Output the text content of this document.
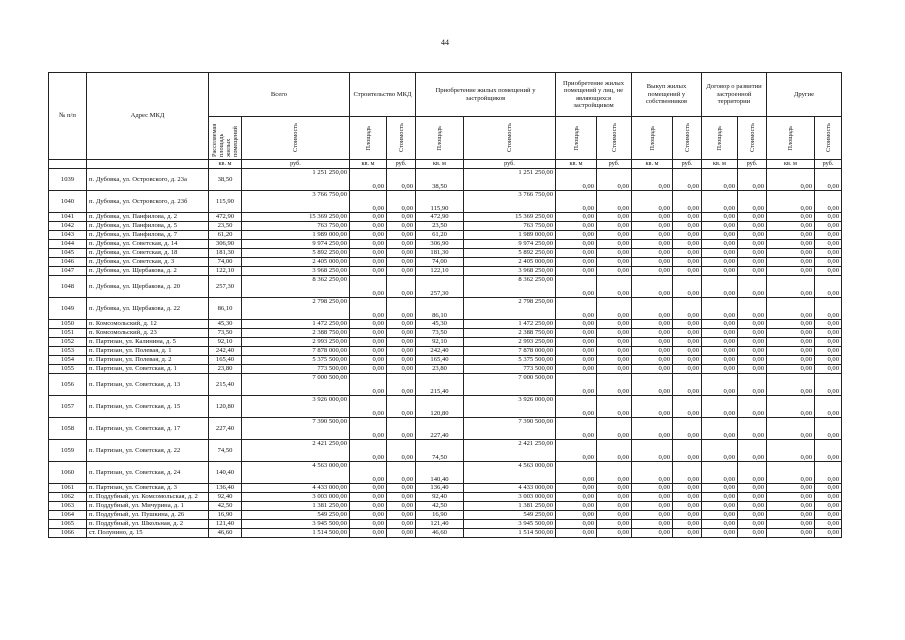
44
№ п/п	Адрес МКД	Всего		Строительство МКД		Приобретение жилых помещений у застройщиков		Приобретение жилых помещений у лиц, не являющихся застройщиком		Выкуп жилых помещений у собственников		Договор о развитии застроенной территории		Другие	

		Расселяемая площадь жилых помещений	Стоимость	Площадь	Стоимость	Площадь	Стоимость	Площадь	Стоимость	Площадь	Стоимость	Площадь	Стоимость	Площадь	Стоимость

		кв. м	руб.	кв. м	руб.	кв. м	руб.	кв. м	руб.	кв. м	руб.	кв. м	руб.	кв. м	руб.
1039	п. Дубовка, ул. Островского, д. 23а	38,50	1 251 250,00	0,00	0,00	38,50	1 251 250,00	0,00	0,00	0,00	0,00	0,00	0,00	0,00	0,00
1040	п. Дубовка, ул. Островского, д. 23б	115,90	3 766 750,00	0,00	0,00	115,90	3 766 750,00	0,00	0,00	0,00	0,00	0,00	0,00	0,00	0,00
1041	п. Дубовка, ул. Панфилова, д. 2	472,90	15 369 250,00	0,00	0,00	472,90	15 369 250,00	0,00	0,00	0,00	0,00	0,00	0,00	0,00	0,00
1042	п. Дубовка, ул. Панфилова, д. 5	23,50	763 750,00	0,00	0,00	23,50	763 750,00	0,00	0,00	0,00	0,00	0,00	0,00	0,00	0,00
1043	п. Дубовка, ул. Панфилова, д. 7	61,20	1 989 000,00	0,00	0,00	61,20	1 989 000,00	0,00	0,00	0,00	0,00	0,00	0,00	0,00	0,00
1044	п. Дубовка, ул. Советская, д. 14	306,90	9 974 250,00	0,00	0,00	306,90	9 974 250,00	0,00	0,00	0,00	0,00	0,00	0,00	0,00	0,00
1045	п. Дубовка, ул. Советская, д. 18	181,30	5 892 250,00	0,00	0,00	181,30	5 892 250,00	0,00	0,00	0,00	0,00	0,00	0,00	0,00	0,00
1046	п. Дубовка, ул. Советская, д. 3	74,00	2 405 000,00	0,00	0,00	74,00	2 405 000,00	0,00	0,00	0,00	0,00	0,00	0,00	0,00	0,00
1047	п. Дубовка, ул. Щербакова, д. 2	122,10	3 968 250,00	0,00	0,00	122,10	3 968 250,00	0,00	0,00	0,00	0,00	0,00	0,00	0,00	0,00
1048	п. Дубовка, ул. Щербакова, д. 20	257,30	8 362 250,00	0,00	0,00	257,30	8 362 250,00	0,00	0,00	0,00	0,00	0,00	0,00	0,00	0,00
1049	п. Дубовка, ул. Щербакова, д. 22	86,10	2 798 250,00	0,00	0,00	86,10	2 798 250,00	0,00	0,00	0,00	0,00	0,00	0,00	0,00	0,00
1050	п. Комсомольский, д. 12	45,30	1 472 250,00	0,00	0,00	45,30	1 472 250,00	0,00	0,00	0,00	0,00	0,00	0,00	0,00	0,00
1051	п. Комсомольский, д. 23	73,50	2 388 750,00	0,00	0,00	73,50	2 388 750,00	0,00	0,00	0,00	0,00	0,00	0,00	0,00	0,00
1052	п. Партизан, ул. Калинина, д. 5	92,10	2 993 250,00	0,00	0,00	92,10	2 993 250,00	0,00	0,00	0,00	0,00	0,00	0,00	0,00	0,00
1053	п. Партизан, ул. Полевая, д. 1	242,40	7 878 000,00	0,00	0,00	242,40	7 878 000,00	0,00	0,00	0,00	0,00	0,00	0,00	0,00	0,00
1054	п. Партизан, ул. Полевая, д. 2	165,40	5 375 500,00	0,00	0,00	165,40	5 375 500,00	0,00	0,00	0,00	0,00	0,00	0,00	0,00	0,00
1055	п. Партизан, ул. Советская, д. 1	23,80	773 500,00	0,00	0,00	23,80	773 500,00	0,00	0,00	0,00	0,00	0,00	0,00	0,00	0,00
1056	п. Партизан, ул. Советская, д. 13	215,40	7 000 500,00	0,00	0,00	215,40	7 000 500,00	0,00	0,00	0,00	0,00	0,00	0,00	0,00	0,00
1057	п. Партизан, ул. Советская, д. 15	120,80	3 926 000,00	0,00	0,00	120,80	3 926 000,00	0,00	0,00	0,00	0,00	0,00	0,00	0,00	0,00
1058	п. Партизан, ул. Советская, д. 17	227,40	7 390 500,00	0,00	0,00	227,40	7 390 500,00	0,00	0,00	0,00	0,00	0,00	0,00	0,00	0,00
1059	п. Партизан, ул. Советская, д. 22	74,50	2 421 250,00	0,00	0,00	74,50	2 421 250,00	0,00	0,00	0,00	0,00	0,00	0,00	0,00	0,00
1060	п. Партизан, ул. Советская, д. 24	140,40	4 563 000,00	0,00	0,00	140,40	4 563 000,00	0,00	0,00	0,00	0,00	0,00	0,00	0,00	0,00
1061	п. Партизан, ул. Советская, д. 3	136,40	4 433 000,00	0,00	0,00	136,40	4 433 000,00	0,00	0,00	0,00	0,00	0,00	0,00	0,00	0,00
1062	п. Поддубный, ул. Комсомольская, д. 2	92,40	3 003 000,00	0,00	0,00	92,40	3 003 000,00	0,00	0,00	0,00	0,00	0,00	0,00	0,00	0,00
1063	п. Поддубный, ул. Мичурина, д. 1	42,50	1 381 250,00	0,00	0,00	42,50	1 381 250,00	0,00	0,00	0,00	0,00	0,00	0,00	0,00	0,00
1064	п. Поддубный, ул. Пушкина, д. 26	16,90	549 250,00	0,00	0,00	16,90	549 250,00	0,00	0,00	0,00	0,00	0,00	0,00	0,00	0,00
1065	п. Поддубный, ул. Школьная, д. 2	121,40	3 945 500,00	0,00	0,00	121,40	3 945 500,00	0,00	0,00	0,00	0,00	0,00	0,00	0,00	0,00
1066	ст. Полунино, д. 15	46,60	1 514 500,00	0,00	0,00	46,60	1 514 500,00	0,00	0,00	0,00	0,00	0,00	0,00	0,00	0,00
